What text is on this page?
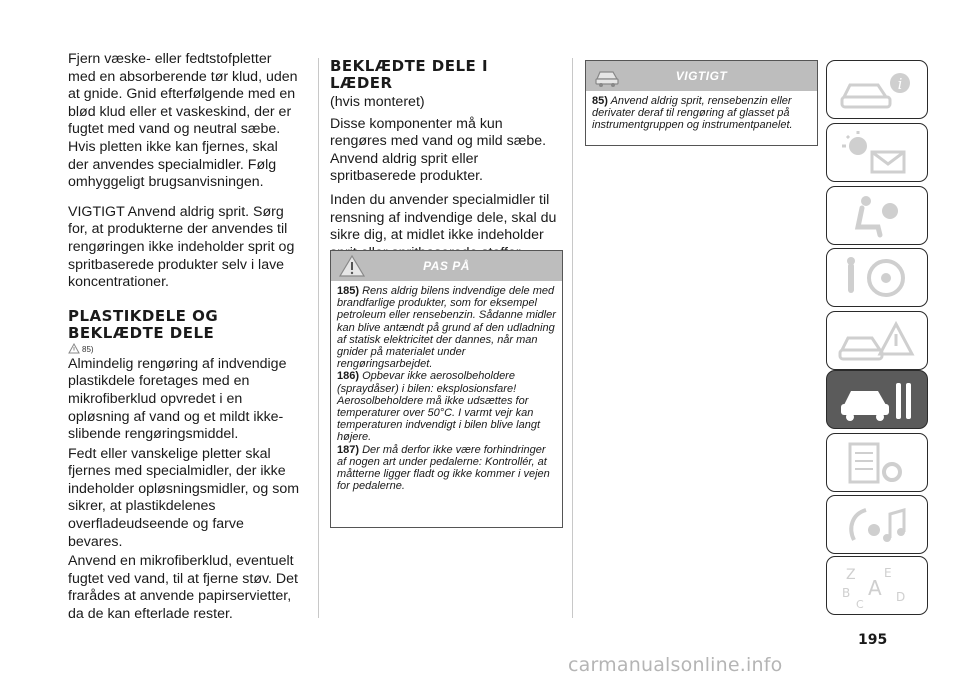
Fjern væske- eller fedtstofpletter med en absorberende tør klud, uden at gnide. Gnid efterfølgende med en blød klud eller et vaskeskind, der er fugtet med vand og neutral sæbe. Hvis pletten ikke kan fjernes, skal der anvendes specialmidler. Følg omhyggeligt brugsanvisningen.

VIGTIGT Anvend aldrig sprit. Sørg for, at produkterne der anvendes til rengøringen ikke indeholder sprit og spritbaserede produkter selv i lave koncentrationer.

PLASTIKDELE OG
BEKLÆDTE DELE
85)

Almindelig rengøring af indvendige plastikdele foretages med en mikrofiberklud opvredet i en opløsning af vand og et mildt ikke-slibende rengøringsmiddel.

Fedt eller vanskelige pletter skal fjernes med specialmidler, der ikke indeholder opløsningsmidler, og som sikrer, at plastikdelenes overfladeudseende og farve bevares.

Anvend en mikrofiberklud, eventuelt fugtet ved vand, til at fjerne støv. Det frarådes at anvende papirservietter, da de kan efterlade rester.

BEKLÆDTE DELE I
LÆDER

(hvis monteret)

Disse komponenter må kun rengøres med vand og mild sæbe. Anvend aldrig sprit eller spritbaserede produkter.

Inden du anvender specialmidler til rensning af indvendige dele, skal du sikre dig, at midlet ikke indeholder

PAS PÅ

185) Rens aldrig bilens indvendige dele med brandfarlige produkter, som for eksempel petroleum eller rensebenzin. Sådanne midler kan blive antændt på grund af den udladning af statisk elektricitet der dannes, når man gnider på materialet under rengøringsarbejdet.

186) Opbevar ikke aerosolbeholdere (spraydåser) i bilen: eksplosionsfare! Aerosolbeholdere må ikke udsættes for temperaturer over 50°C. I varmt vejr kan temperaturen indvendigt i bilen blive langt højere.

187) Der må derfor ikke være forhindringer af nogen art under pedalerne: Kontrollér, at måtterne ligger fladt og ikke kommer i vejen for pedalerne.

VIGTIGT

85) Anvend aldrig sprit, rensebenzin eller derivater deraf til rengøring af glasset på instrumentgruppen og instrumentpanelet.

i
Z E
B A
C
D
195
carmanualsonline.info
